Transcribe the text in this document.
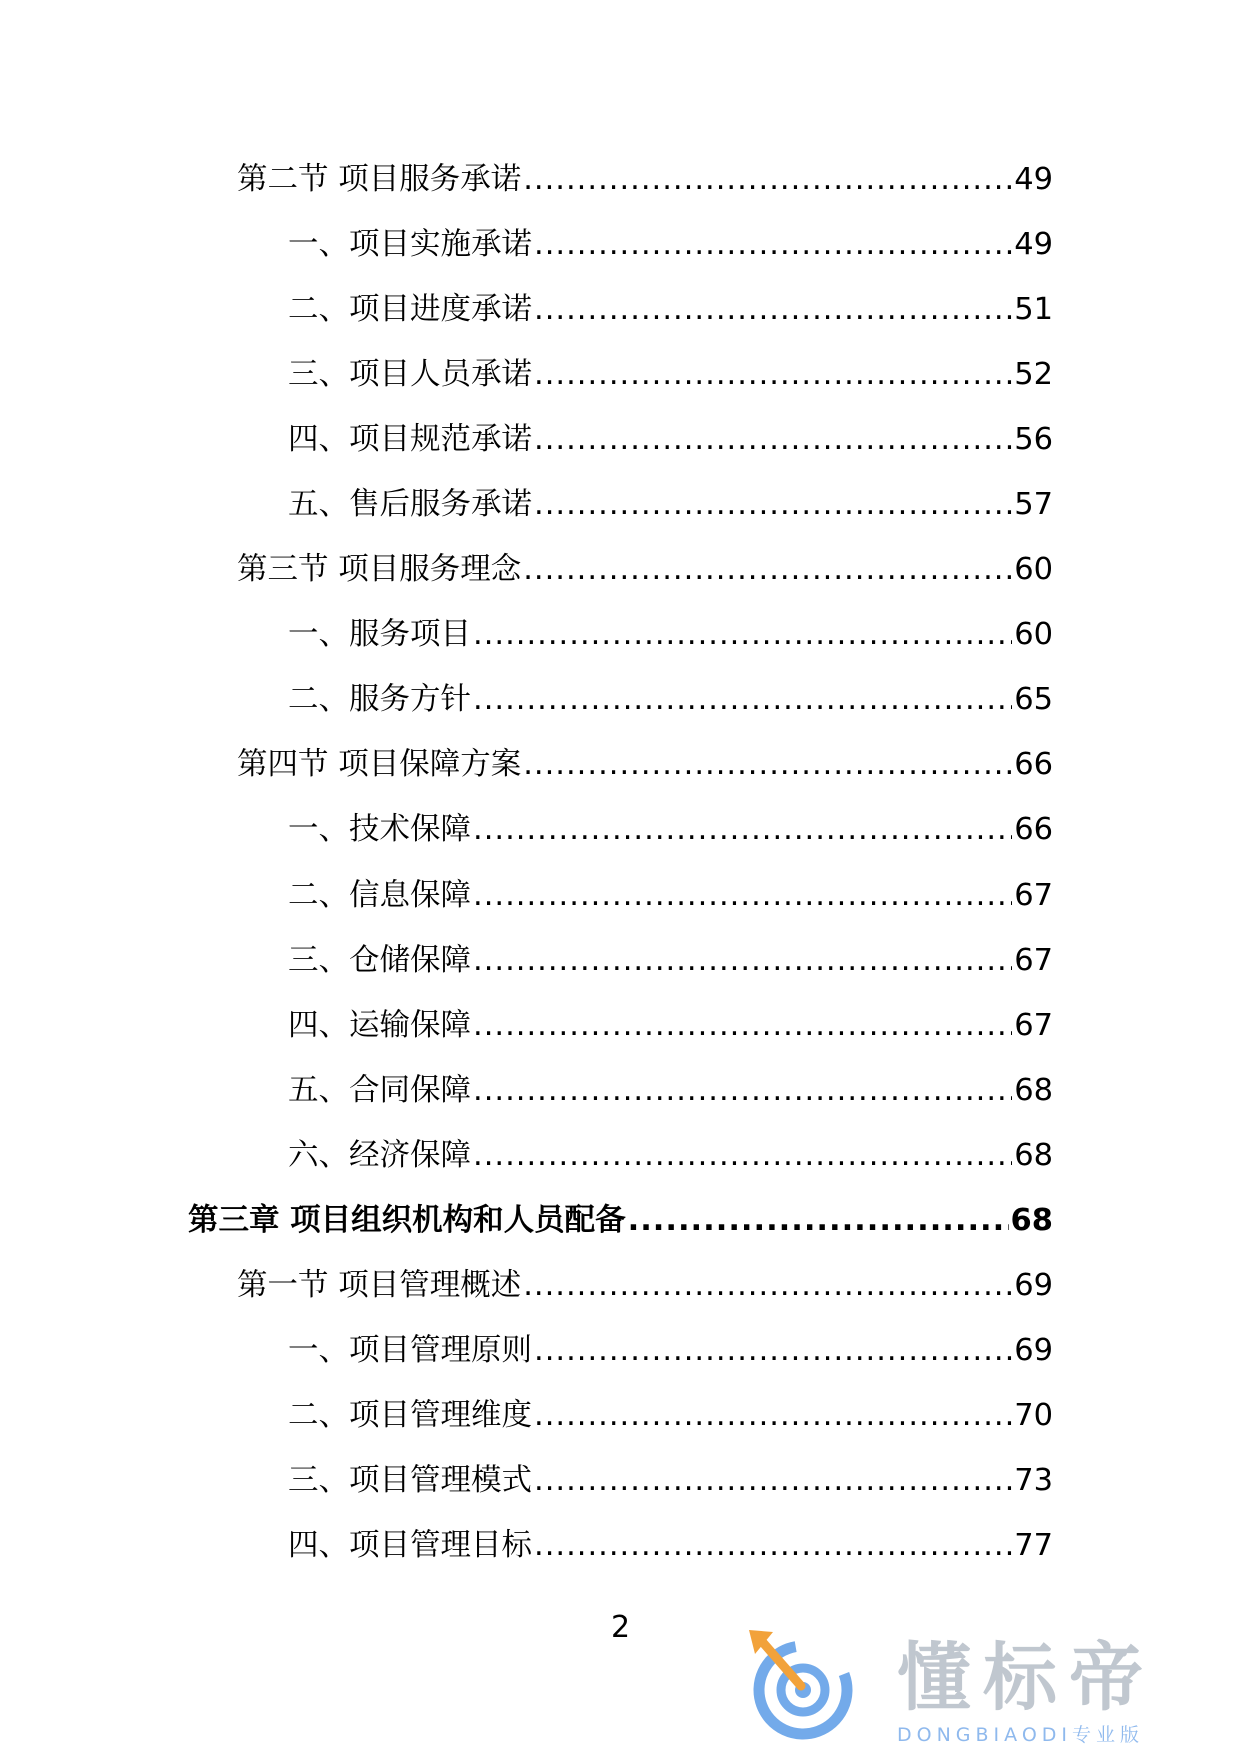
第二节 项目服务承诺 .....	49
一、项目实施承诺 .....	49
二、项目进度承诺 .....	51
三、项目人员承诺 .....	52
四、项目规范承诺 .....	56
五、售后服务承诺 .....	57
第三节 项目服务理念 .....	60
一、服务项目 .....	60
二、服务方针 .....	65
第四节 项目保障方案 .....	66
一、技术保障 .....	66
二、信息保障 .....	67
三、仓储保障 .....	67
四、运输保障 .....	67
五、合同保障 .....	68
六、经济保障 .....	68
第三章 项目组织机构和人员配备 .....	68
第一节 项目管理概述 .....	69
一、项目管理原则 .....	69
二、项目管理维度 .....	70
三、项目管理模式 .....	73
四、项目管理目标 .....	77
2
懂标帝
DONGBIAODI专业版
